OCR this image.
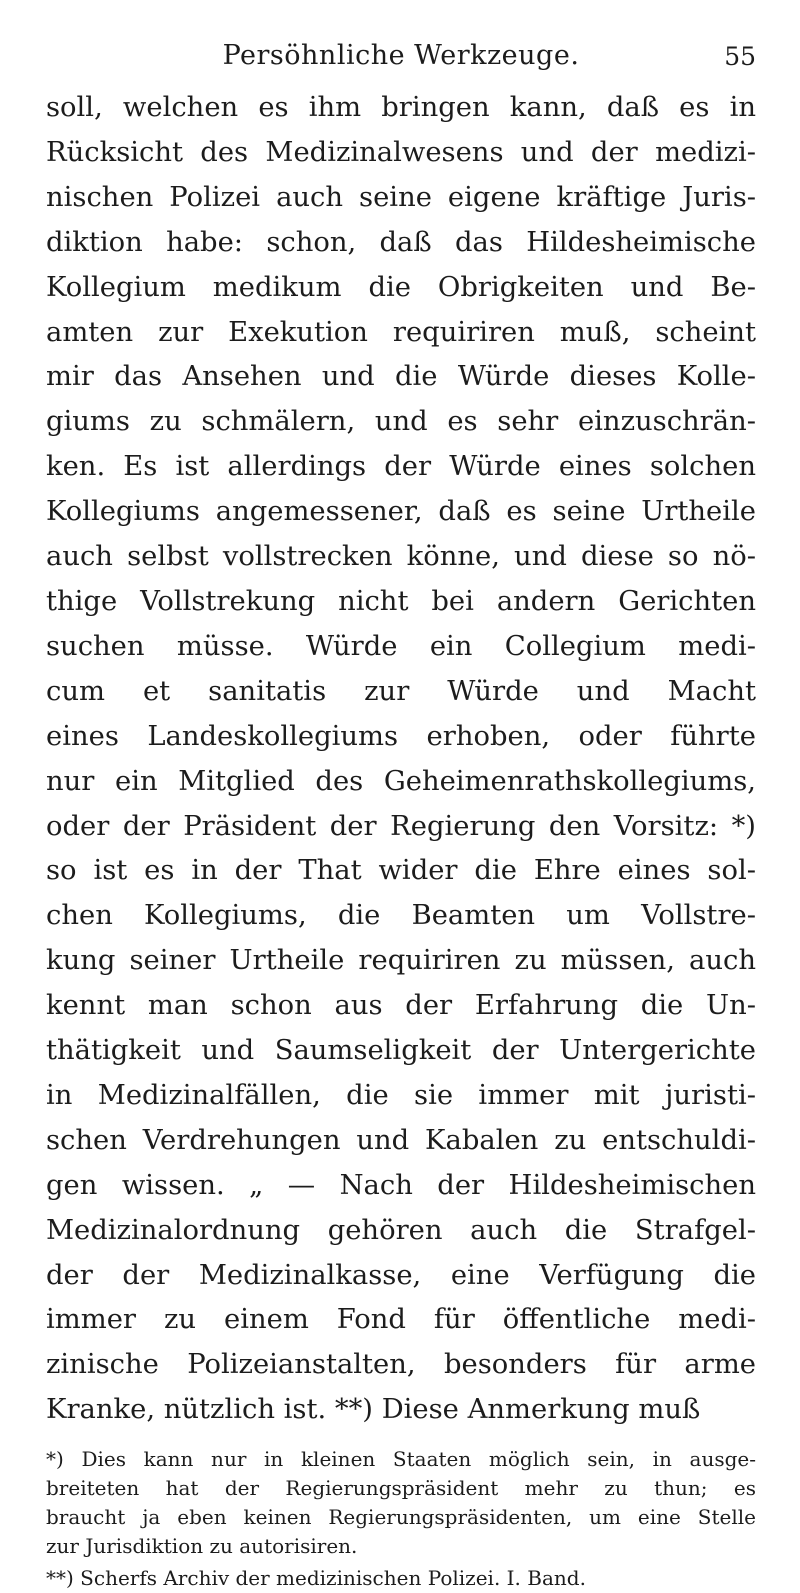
Persöhnliche Werkzeuge.	55
soll, welchen es ihm bringen kann, daß es in
Rücksicht des Medizinalwesens und der medizi-
nischen Polizei auch seine eigene kräftige Juris-
diktion habe: schon, daß das Hildesheimische
Kollegium medikum die Obrigkeiten und Be-
amten zur Exekution requiriren muß, scheint
mir das Ansehen und die Würde dieses Kolle-
giums zu schmälern, und es sehr einzuschrän-
ken. Es ist allerdings der Würde eines solchen
Kollegiums angemessener, daß es seine Urtheile
auch selbst vollstrecken könne, und diese so nö-
thige Vollstrekung nicht bei andern Gerichten
suchen müsse. Würde ein Collegium medi-
cum et sanitatis zur Würde und Macht
eines Landeskollegiums erhoben, oder führte
nur ein Mitglied des Geheimenrathskollegiums,
oder der Präsident der Regierung den Vorsitz: *)
so ist es in der That wider die Ehre eines sol-
chen Kollegiums, die Beamten um Vollstre-
kung seiner Urtheile requiriren zu müssen, auch
kennt man schon aus der Erfahrung die Un-
thätigkeit und Saumseligkeit der Untergerichte
in Medizinalfällen, die sie immer mit juristi-
schen Verdrehungen und Kabalen zu entschuldi-
gen wissen. „ — Nach der Hildesheimischen
Medizinalordnung gehören auch die Strafgel-
der der Medizinalkasse, eine Verfügung die
immer zu einem Fond für öffentliche medi-
zinische Polizeianstalten, besonders für arme
Kranke, nützlich ist. **) Diese Anmerkung muß
*) Dies kann nur in kleinen Staaten möglich sein, in ausge-
breiteten hat der Regierungspräsident mehr zu thun; es
braucht ja eben keinen Regierungspräsidenten, um eine Stelle
zur Jurisdiktion zu autorisiren.
**) Scherfs Archiv der medizinischen Polizei. I. Band.
